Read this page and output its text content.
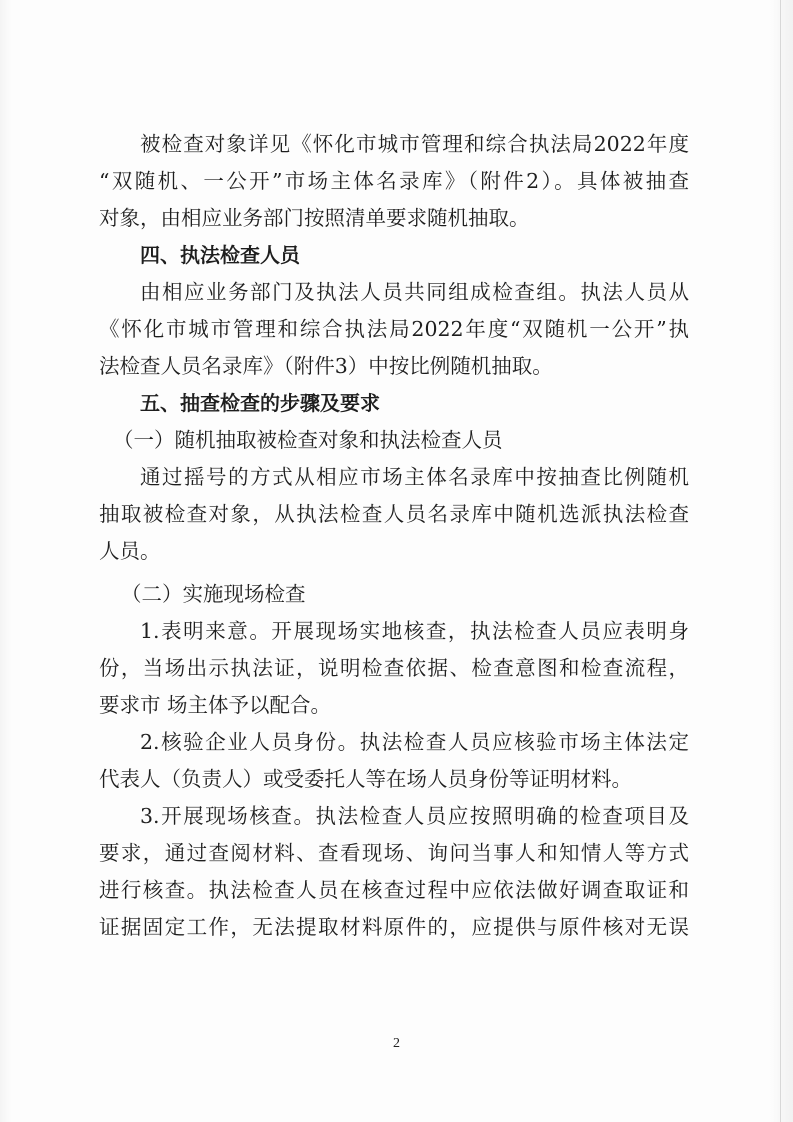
被检查对象详见《怀化市城市管理和综合执法局2022年度
“双随机、一公开”市场主体名录库》（附件2）。具体被抽查
对象，由相应业务部门按照清单要求随机抽取。
四、执法检查人员
由相应业务部门及执法人员共同组成检查组。执法人员从
《怀化市城市管理和综合执法局2022年度“双随机一公开”执
法检查人员名录库》（附件3）中按比例随机抽取。
五、抽查检查的步骤及要求
（一）随机抽取被检查对象和执法检查人员
通过摇号的方式从相应市场主体名录库中按抽查比例随机
抽取被检查对象，从执法检查人员名录库中随机选派执法检查
人员。
（二）实施现场检查
1.表明来意。开展现场实地核查，执法检查人员应表明身
份，当场出示执法证，说明检查依据、检查意图和检查流程，
要求市 场主体予以配合。
2.核验企业人员身份。执法检查人员应核验市场主体法定
代表人（负责人）或受委托人等在场人员身份等证明材料。
3.开展现场核查。执法检查人员应按照明确的检查项目及
要求，通过查阅材料、查看现场、询问当事人和知情人等方式
进行核查。执法检查人员在核查过程中应依法做好调查取证和
证据固定工作，无法提取材料原件的，应提供与原件核对无误
2
